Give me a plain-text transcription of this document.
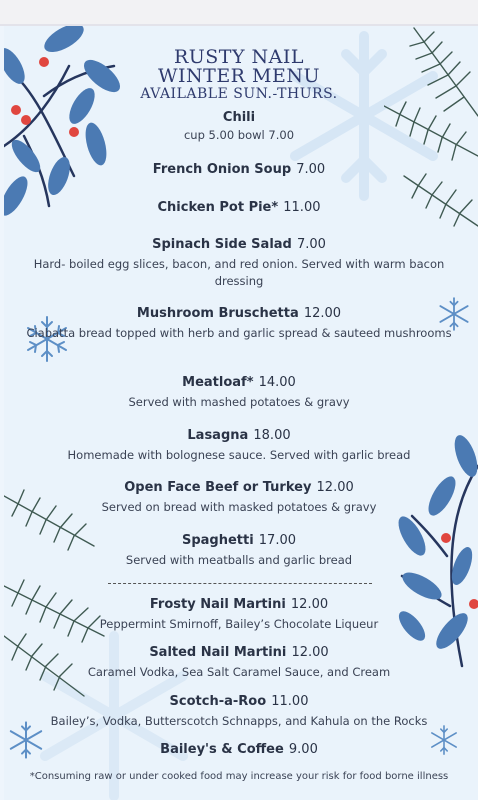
RUSTY NAIL
WINTER MENU
AVAILABLE SUN.-THURS.
Chili
cup 5.00 bowl 7.00
French Onion Soup 7.00
Chicken Pot Pie* 11.00
Spinach Side Salad 7.00
Hard- boiled egg slices, bacon, and red onion. Served with warm bacon dressing
Mushroom Bruschetta 12.00
Ciabatta bread topped with herb and garlic spread & sauteed mushrooms
Meatloaf* 14.00
Served with mashed potatoes & gravy
Lasagna 18.00
Homemade with bolognese sauce. Served with garlic bread
Open Face Beef or Turkey 12.00
Served on bread with masked potatoes & gravy
Spaghetti 17.00
Served with meatballs and garlic bread
Frosty Nail Martini 12.00
Peppermint Smirnoff, Bailey’s Chocolate Liqueur
Salted Nail Martini 12.00
Caramel Vodka, Sea Salt Caramel Sauce, and Cream
Scotch-a-Roo 11.00
Bailey’s, Vodka, Butterscotch Schnapps, and Kahula on the Rocks
Bailey's & Coffee 9.00
*Consuming raw or under cooked food may increase your risk for food borne illness
